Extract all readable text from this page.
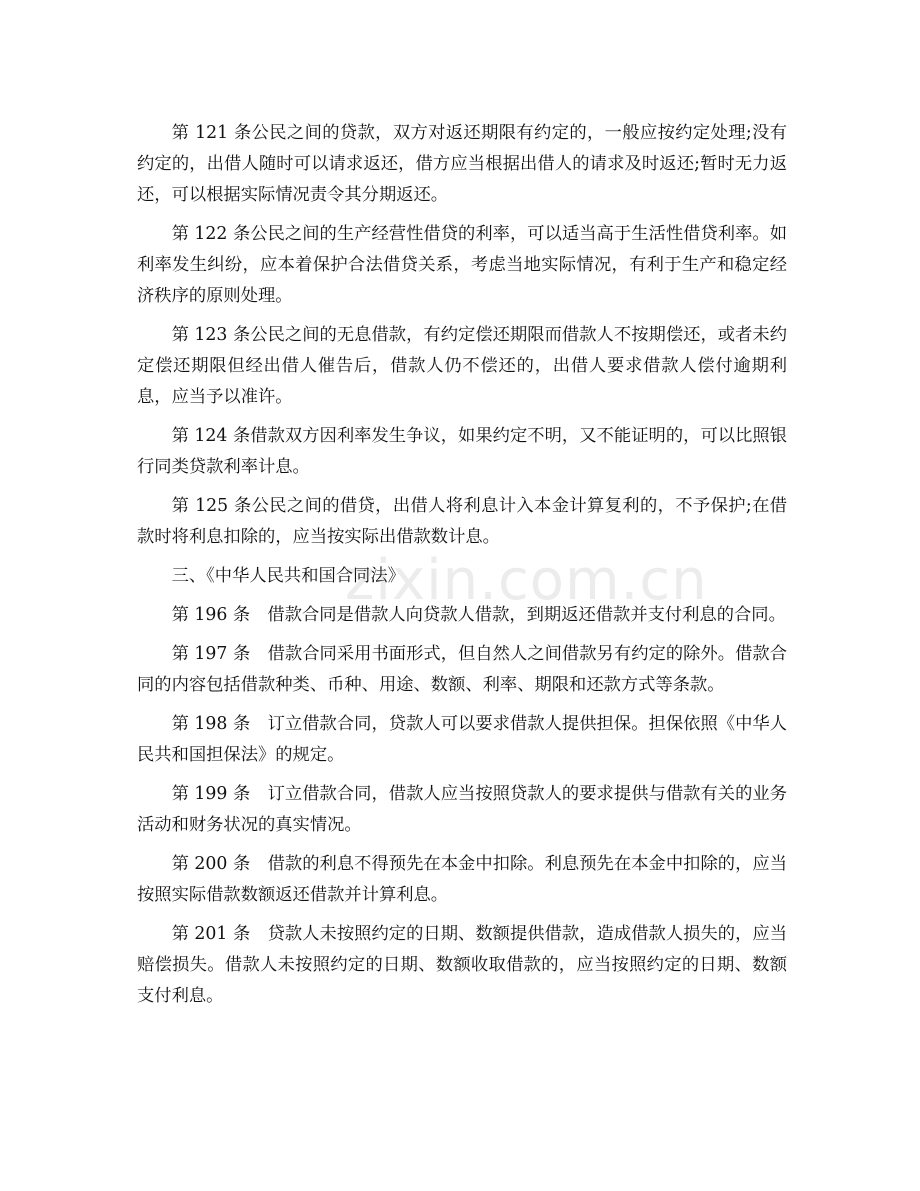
第 121 条公民之间的贷款，双方对返还期限有约定的，一般应按约定处理;没有约定的，出借人随时可以请求返还，借方应当根据出借人的请求及时返还;暂时无力返还，可以根据实际情况责令其分期返还。

第 122 条公民之间的生产经营性借贷的利率，可以适当高于生活性借贷利率。如利率发生纠纷，应本着保护合法借贷关系，考虑当地实际情况，有利于生产和稳定经济秩序的原则处理。

第 123 条公民之间的无息借款，有约定偿还期限而借款人不按期偿还，或者未约定偿还期限但经出借人催告后，借款人仍不偿还的，出借人要求借款人偿付逾期利息，应当予以准许。

第 124 条借款双方因利率发生争议，如果约定不明，又不能证明的，可以比照银行同类贷款利率计息。

第 125 条公民之间的借贷，出借人将利息计入本金计算复利的，不予保护;在借款时将利息扣除的，应当按实际出借款数计息。

三、《中华人民共和国合同法》

第 196 条　借款合同是借款人向贷款人借款，到期返还借款并支付利息的合同。

第 197 条　借款合同采用书面形式，但自然人之间借款另有约定的除外。借款合同的内容包括借款种类、币种、用途、数额、利率、期限和还款方式等条款。

第 198 条　订立借款合同，贷款人可以要求借款人提供担保。担保依照《中华人民共和国担保法》的规定。

第 199 条　订立借款合同，借款人应当按照贷款人的要求提供与借款有关的业务活动和财务状况的真实情况。

第 200 条　借款的利息不得预先在本金中扣除。利息预先在本金中扣除的，应当按照实际借款数额返还借款并计算利息。

第 201 条　贷款人未按照约定的日期、数额提供借款，造成借款人损失的，应当赔偿损失。借款人未按照约定的日期、数额收取借款的，应当按照约定的日期、数额支付利息。

zixin.com.cn
